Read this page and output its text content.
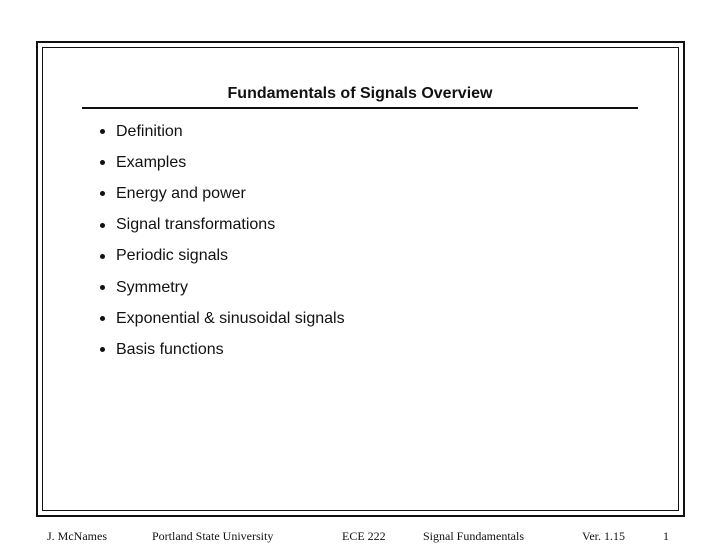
Fundamentals of Signals Overview
Definition
Examples
Energy and power
Signal transformations
Periodic signals
Symmetry
Exponential & sinusoidal signals
Basis functions
J. McNames	Portland State University	ECE 222	Signal Fundamentals	Ver. 1.15	1
